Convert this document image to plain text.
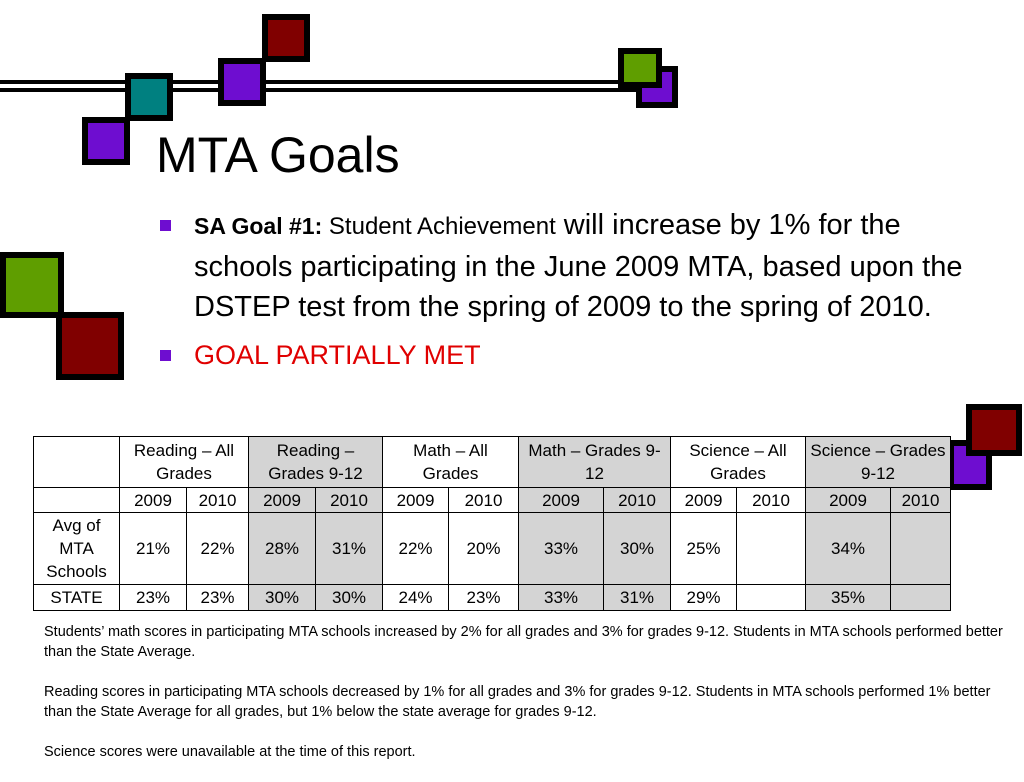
MTA Goals
SA Goal #1: Student Achievement will increase by 1% for the schools participating in the June 2009 MTA, based upon the DSTEP test from the spring of 2009 to the spring of 2010.
GOAL PARTIALLY MET
	Reading – All Grades		Reading – Grades 9-12		Math – All Grades		Math – Grades 9-12		Science – All Grades		Science – Grades 9-12	
	2009	2010	2009	2010	2009	2010	2009	2010	2009	2010	2009	2010
Avg of MTA Schools	21%	22%	28%	31%	22%	20%	33%	30%	25%		34%	
STATE	23%	23%	30%	30%	24%	23%	33%	31%	29%		35%	

Students’ math scores in participating MTA schools increased by 2% for all grades and 3% for grades 9-12. Students in MTA schools performed better than the State Average.

Reading scores in participating MTA schools decreased by 1% for all grades and 3% for grades 9-12. Students in MTA schools performed 1% better than the State Average for all grades, but 1% below the state average for grades 9-12.

Science scores were unavailable at the time of this report.
